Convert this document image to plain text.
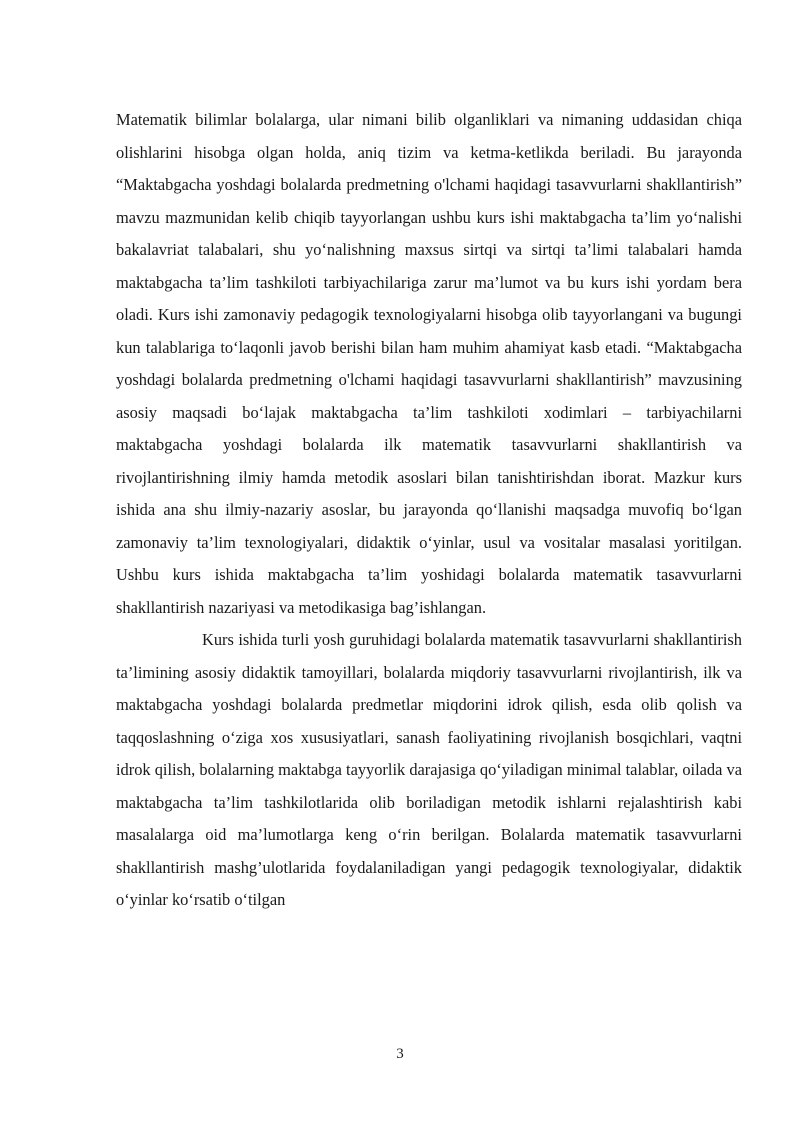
Matematik bilimlar bolalarga, ular nimani bilib olganliklari va nimaning uddasidan chiqa olishlarini hisobga olgan holda, aniq tizim va ketma-ketlikda beriladi. Bu jarayonda “Maktabgacha yoshdagi bolalarda predmetning o'lchami haqidagi tasavvurlarni shakllantirish” mavzu mazmunidan kelib chiqib tayyorlangan ushbu kurs ishi maktabgacha ta’lim yo‘nalishi bakalavriat talabalari, shu yo‘nalishning maxsus sirtqi va sirtqi ta’limi talabalari hamda maktabgacha ta’lim tashkiloti tarbiyachilariga zarur ma’lumot va bu kurs ishi yordam bera oladi. Kurs ishi zamonaviy pedagogik texnologiyalarni hisobga olib tayyorlangani va bugungi kun talablariga to‘laqonli javob berishi bilan ham muhim ahamiyat kasb etadi. “Maktabgacha yoshdagi bolalarda predmetning o'lchami haqidagi tasavvurlarni shakllantirish” mavzusining asosiy maqsadi bo‘lajak maktabgacha ta’lim tashkiloti xodimlari – tarbiyachilarni maktabgacha yoshdagi bolalarda ilk matematik tasavvurlarni shakllantirish va rivojlantirishning ilmiy hamda metodik asoslari bilan tanishtirishdan iborat. Mazkur kurs ishida ana shu ilmiy-nazariy asoslar, bu jarayonda qo‘llanishi maqsadga muvofiq bo‘lgan zamonaviy ta’lim texnologiyalari, didaktik o‘yinlar, usul va vositalar masalasi yoritilgan. Ushbu kurs ishida maktabgacha ta’lim yoshidagi bolalarda matematik tasavvurlarni shakllantirish nazariyasi va metodikasiga bag’ishlangan.

Kurs ishida turli yosh guruhidagi bolalarda matematik tasavvurlarni shakllantirish ta’limining asosiy didaktik tamoyillari, bolalarda miqdoriy tasavvurlarni rivojlantirish, ilk va maktabgacha yoshdagi bolalarda predmetlar miqdorini idrok qilish, esda olib qolish va taqqoslashning o‘ziga xos xususiyatlari, sanash faoliyatining rivojlanish bosqichlari, vaqtni idrok qilish, bolalarning maktabga tayyorlik darajasiga qo‘yiladigan minimal talablar, oilada va maktabgacha ta’lim tashkilotlarida olib boriladigan metodik ishlarni rejalashtirish kabi masalalarga oid ma’lumotlarga keng o‘rin berilgan. Bolalarda matematik tasavvurlarni shakllantirish mashg’ulotlarida foydalaniladigan yangi pedagogik texnologiyalar, didaktik o‘yinlar ko‘rsatib o‘tilgan

3
